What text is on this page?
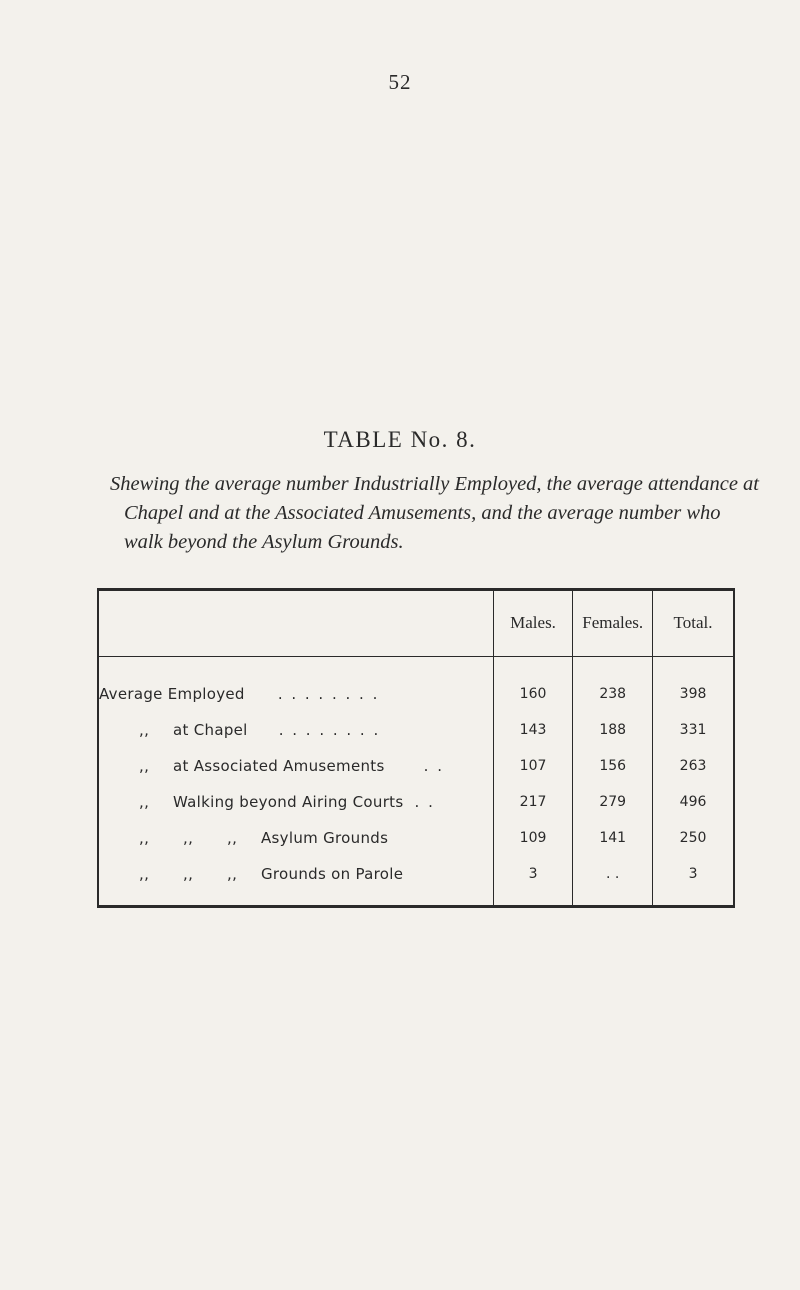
52
TABLE No. 8.
Shewing the average number Industrially Employed, the average attendance at Chapel and at the Associated Amusements, and the average number who walk beyond the Asylum Grounds.
	Males.	Females.	Total.
Average Employed . . . . . . . .	160	238	398
,, at Chapel . . . . . . . .	143	188	331
,, at Associated Amusements . .	107	156	263
,, Walking beyond Airing Courts . .	217	279	496
,, ,, ,, Asylum Grounds	109	141	250
,, ,, ,, Grounds on Parole	3	. .	3
